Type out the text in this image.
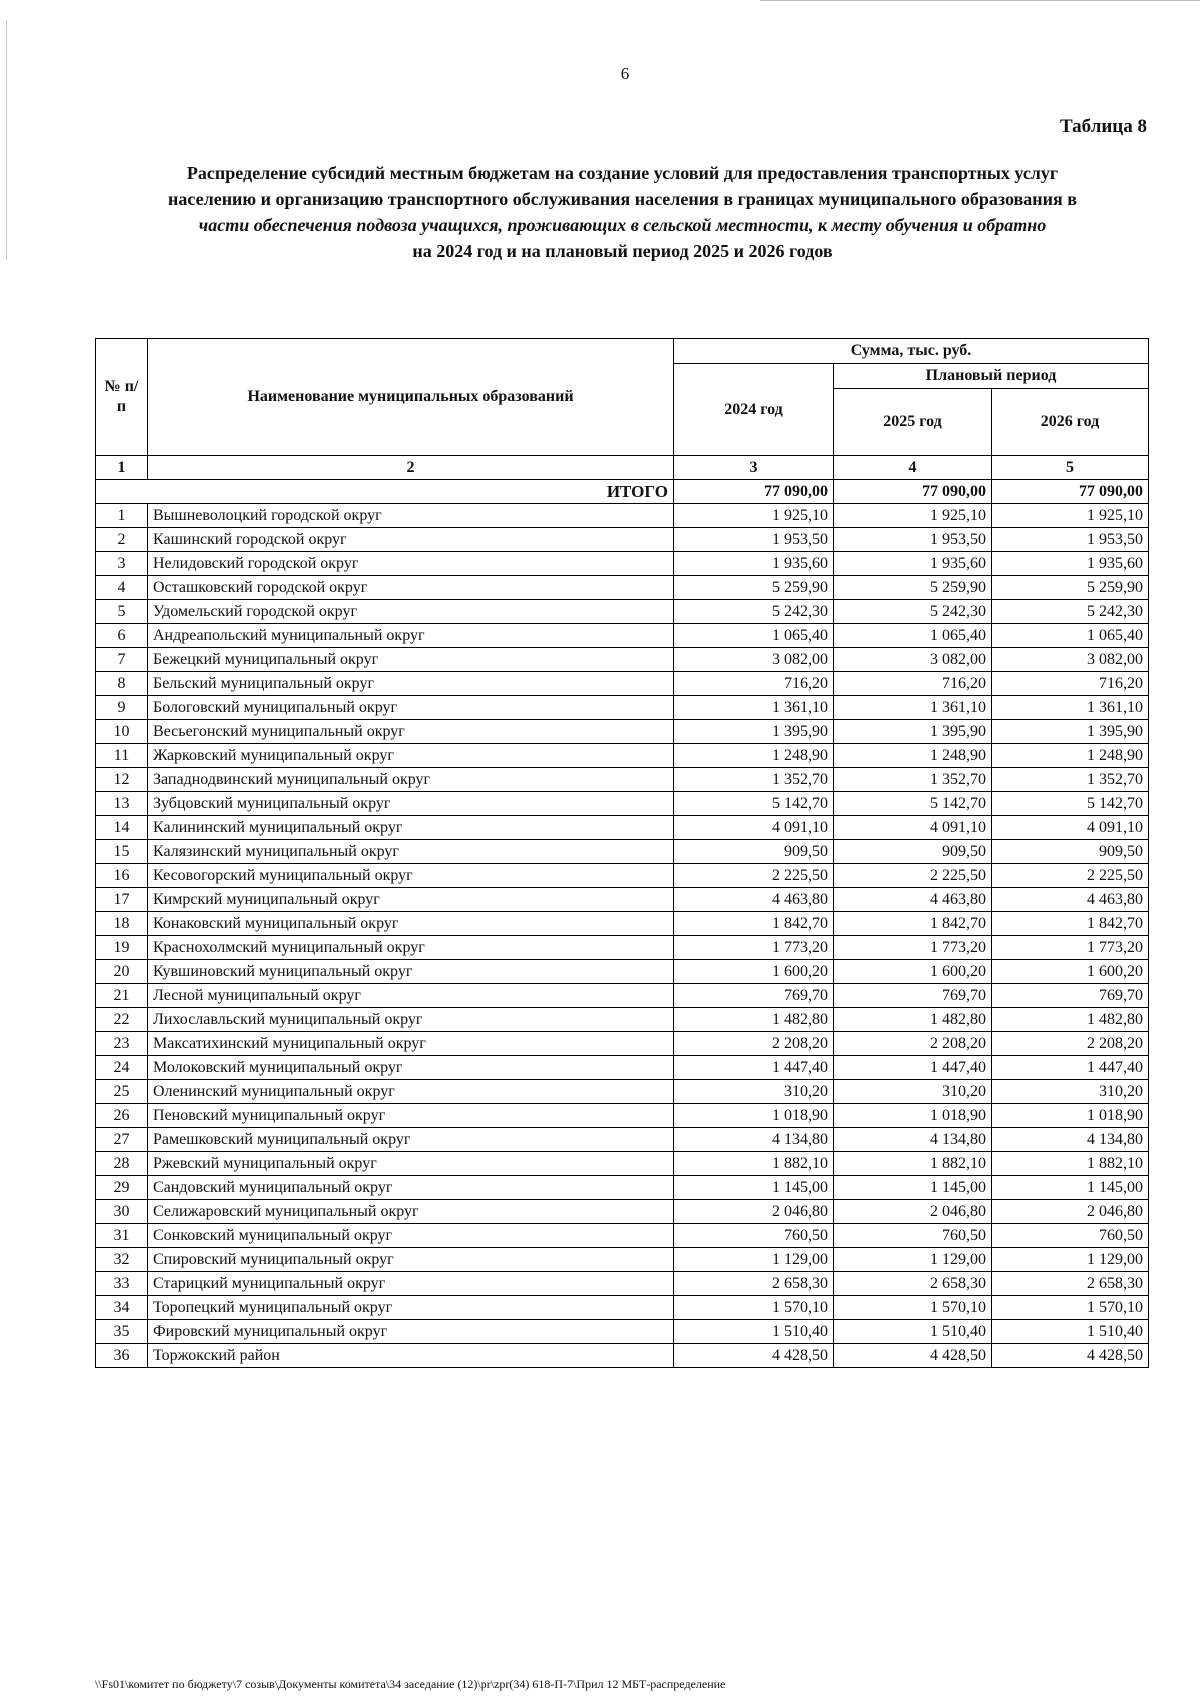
6
Таблица 8
Распределение субсидий местным бюджетам на создание условий для предоставления транспортных услуг
населению и организацию транспортного обслуживания населения в границах муниципального образования в
части обеспечения подвоза учащихся, проживающих в сельской местности, к месту обучения и обратно
на 2024 год и на плановый период 2025 и 2026 годов
№ п/п	Наименование муниципальных образований	Сумма, тыс. руб.		
		2024 год	Плановый период	
			2025 год	2026 год
1	2	3	4	5
ИТОГО		77 090,00	77 090,00	77 090,00
1	Вышневолоцкий городской округ	1 925,10	1 925,10	1 925,10
2	Кашинский городской округ	1 953,50	1 953,50	1 953,50
3	Нелидовский городской округ	1 935,60	1 935,60	1 935,60
4	Осташковский городской округ	5 259,90	5 259,90	5 259,90
5	Удомельский городской округ	5 242,30	5 242,30	5 242,30
6	Андреапольский муниципальный округ	1 065,40	1 065,40	1 065,40
7	Бежецкий муниципальный округ	3 082,00	3 082,00	3 082,00
8	Бельский муниципальный округ	716,20	716,20	716,20
9	Бологовский муниципальный округ	1 361,10	1 361,10	1 361,10
10	Весьегонский муниципальный округ	1 395,90	1 395,90	1 395,90
11	Жарковский муниципальный округ	1 248,90	1 248,90	1 248,90
12	Западнодвинский муниципальный округ	1 352,70	1 352,70	1 352,70
13	Зубцовский муниципальный округ	5 142,70	5 142,70	5 142,70
14	Калининский муниципальный округ	4 091,10	4 091,10	4 091,10
15	Калязинский муниципальный округ	909,50	909,50	909,50
16	Кесовогорский муниципальный округ	2 225,50	2 225,50	2 225,50
17	Кимрский муниципальный округ	4 463,80	4 463,80	4 463,80
18	Конаковский муниципальный округ	1 842,70	1 842,70	1 842,70
19	Краснохолмский муниципальный округ	1 773,20	1 773,20	1 773,20
20	Кувшиновский муниципальный округ	1 600,20	1 600,20	1 600,20
21	Лесной муниципальный округ	769,70	769,70	769,70
22	Лихославльский муниципальный округ	1 482,80	1 482,80	1 482,80
23	Максатихинский муниципальный округ	2 208,20	2 208,20	2 208,20
24	Молоковский муниципальный округ	1 447,40	1 447,40	1 447,40
25	Оленинский муниципальный округ	310,20	310,20	310,20
26	Пеновский муниципальный округ	1 018,90	1 018,90	1 018,90
27	Рамешковский муниципальный округ	4 134,80	4 134,80	4 134,80
28	Ржевский муниципальный округ	1 882,10	1 882,10	1 882,10
29	Сандовский муниципальный округ	1 145,00	1 145,00	1 145,00
30	Селижаровский муниципальный округ	2 046,80	2 046,80	2 046,80
31	Сонковский муниципальный округ	760,50	760,50	760,50
32	Спировский муниципальный округ	1 129,00	1 129,00	1 129,00
33	Старицкий муниципальный округ	2 658,30	2 658,30	2 658,30
34	Торопецкий муниципальный округ	1 570,10	1 570,10	1 570,10
35	Фировский муниципальный округ	1 510,40	1 510,40	1 510,40
36	Торжокский район	4 428,50	4 428,50	4 428,50
\\Fs01\комитет по бюджету\7 созыв\Документы комитета\34 заседание (12)\pr\zpr(34) 618-П-7\Прил 12 МБТ-распределение
